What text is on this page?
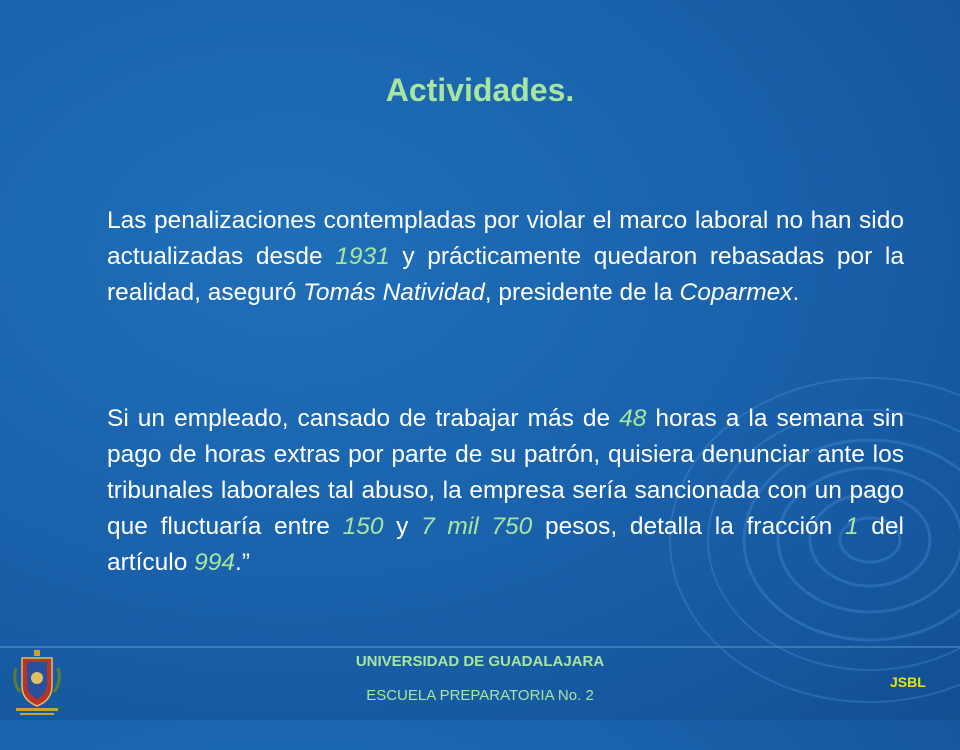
Actividades.

Las penalizaciones contempladas por violar el marco laboral no han sido actualizadas desde 1931 y prácticamente quedaron rebasadas por la realidad, aseguró Tomás Natividad, presidente de la Coparmex.

Si un empleado, cansado de trabajar más de 48 horas a la semana sin pago de horas extras por parte de su patrón, quisiera denunciar ante los tribunales laborales tal abuso, la empresa sería sancionada con un pago que fluctuaría entre 150 y 7 mil 750 pesos, detalla la fracción 1 del artículo 994.”

UNIVERSIDAD DE GUADALAJARA
ESCUELA PREPARATORIA No. 2
JSBL
